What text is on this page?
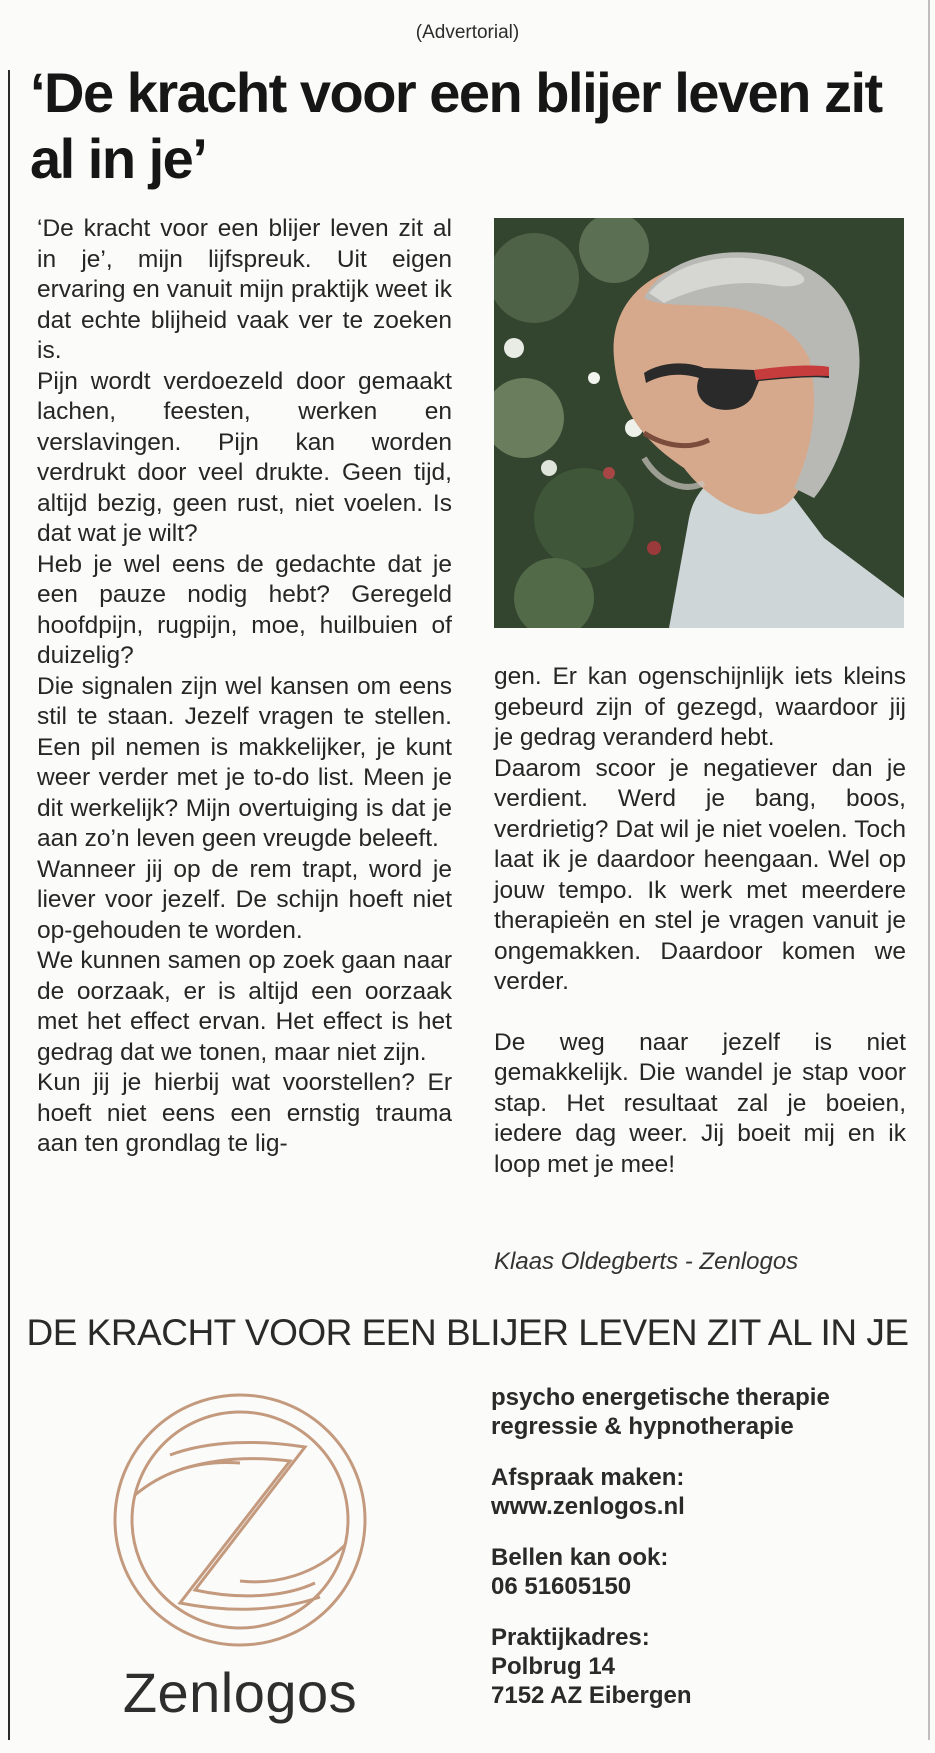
(Advertorial)
‘De kracht voor een blijer leven zit al in je’

‘De kracht voor een blijer leven zit al in je’, mijn lijfspreuk. Uit eigen ervaring en vanuit mijn praktijk weet ik dat echte blijheid vaak ver te zoeken is.

Pijn wordt verdoezeld door gemaakt lachen, feesten, werken en verslavingen. Pijn kan worden verdrukt door veel drukte. Geen tijd, altijd bezig, geen rust, niet voelen. Is dat wat je wilt?

Heb je wel eens de gedachte dat je een pauze nodig hebt? Geregeld hoofdpijn, rugpijn, moe, huilbuien of duizelig?

Die signalen zijn wel kansen om eens stil te staan. Jezelf vragen te stellen. Een pil nemen is makkelijker, je kunt weer verder met je to-do list. Meen je dit werkelijk? Mijn overtuiging is dat je aan zo’n leven geen vreugde beleeft.

Wanneer jij op de rem trapt, word je liever voor jezelf. De schijn hoeft niet op-gehouden te worden.

We kunnen samen op zoek gaan naar de oorzaak, er is altijd een oorzaak met het effect ervan. Het effect is het gedrag dat we tonen, maar niet zijn.

Kun jij je hierbij wat voorstellen? Er hoeft niet eens een ernstig trauma aan ten grondlag te lig-

gen. Er kan ogenschijnlijk iets kleins gebeurd zijn of gezegd, waardoor jij je gedrag veranderd hebt.

Daarom scoor je negatiever dan je verdient. Werd je bang, boos, verdrietig? Dat wil je niet voelen. Toch laat ik je daardoor heengaan. Wel op jouw tempo. Ik werk met meerdere therapieën en stel je vragen vanuit je ongemakken. Daardoor komen we verder.

De weg naar jezelf is niet gemakkelijk. Die wandel je stap voor stap. Het resultaat zal je boeien, iedere dag weer. Jij boeit mij en ik loop met je mee!

Klaas Oldegberts - Zenlogos
DE KRACHT VOOR EEN BLIJER LEVEN ZIT AL IN JE
Zenlogos
psycho energetische therapie
regressie & hypnotherapie
Afspraak maken:
www.zenlogos.nl
Bellen kan ook:
06 51605150
Praktijkadres:
Polbrug 14
7152 AZ Eibergen
